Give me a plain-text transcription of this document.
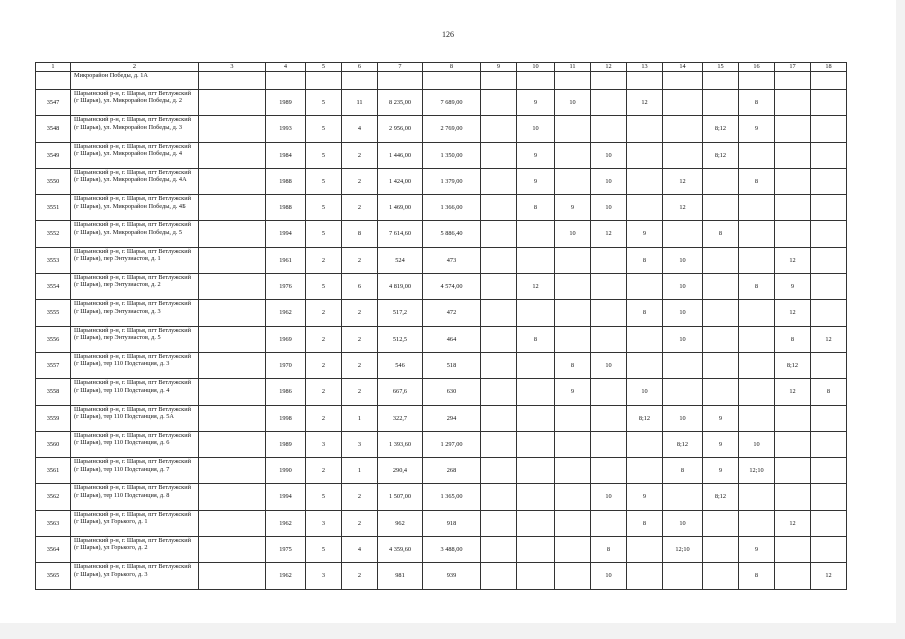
126
1	2	3	4	5	6	7	8	9	10	11	12	13	14	15	16	17	18
	Микрорайон Победы, д. 1А																
3547	Шарьинский р-н, г. Шарья, пгт Ветлужский (г Шарья), ул. Микрорайон Победы, д. 2		1989	5	11	8 235,00	7 689,00		9	10		12			8		
3548	Шарьинский р-н, г. Шарья, пгт Ветлужский (г Шарья), ул. Микрорайон Победы, д. 3		1993	5	4	2 956,00	2 769,00		10					8;12	9		
3549	Шарьинский р-н, г. Шарья, пгт Ветлужский (г Шарья), ул. Микрорайон Победы, д. 4		1984	5	2	1 446,00	1 350,00		9		10			8;12			
3550	Шарьинский р-н, г. Шарья, пгт Ветлужский (г Шарья), ул. Микрорайон Победы, д. 4А		1988	5	2	1 424,00	1 379,00		9		10		12		8		
3551	Шарьинский р-н, г. Шарья, пгт Ветлужский (г Шарья), ул. Микрорайон Победы, д. 4Б		1988	5	2	1 469,00	1 366,00		8	9	10		12				
3552	Шарьинский р-н, г. Шарья, пгт Ветлужский (г Шарья), ул. Микрорайон Победы, д. 5		1994	5	8	7 614,60	5 886,40			10	12	9		8			
3553	Шарьинский р-н, г. Шарья, пгт Ветлужский (г Шарья), пер Энтузиастов, д. 1		1961	2	2	524	473					8	10			12	
3554	Шарьинский р-н, г. Шарья, пгт Ветлужский (г Шарья), пер Энтузиастов, д. 2		1976	5	6	4 819,00	4 574,00		12				10		8	9	
3555	Шарьинский р-н, г. Шарья, пгт Ветлужский (г Шарья), пер Энтузиастов, д. 3		1962	2	2	517,2	472					8	10			12	
3556	Шарьинский р-н, г. Шарья, пгт Ветлужский (г Шарья), пер Энтузиастов, д. 5		1969	2	2	512,5	464		8				10			8	12
3557	Шарьинский р-н, г. Шарья, пгт Ветлужский (г Шарья), тер 110 Подстанция, д. 3		1970	2	2	546	518			8	10					8;12	
3558	Шарьинский р-н, г. Шарья, пгт Ветлужский (г Шарья), тер 110 Подстанция, д. 4		1986	2	2	667,6	630			9		10				12	8
3559	Шарьинский р-н, г. Шарья, пгт Ветлужский (г Шарья), тер 110 Подстанция, д. 5А		1998	2	1	322,7	294					8;12	10	9			
3560	Шарьинский р-н, г. Шарья, пгт Ветлужский (г Шарья), тер 110 Подстанция, д. 6		1989	3	3	1 393,60	1 297,00						8;12	9	10		
3561	Шарьинский р-н, г. Шарья, пгт Ветлужский (г Шарья), тер 110 Подстанция, д. 7		1990	2	1	290,4	268						8	9	12;10		
3562	Шарьинский р-н, г. Шарья, пгт Ветлужский (г Шарья), тер 110 Подстанция, д. 8		1994	5	2	1 507,00	1 365,00				10	9		8;12			
3563	Шарьинский р-н, г. Шарья, пгт Ветлужский (г Шарья), ул Горького, д. 1		1962	3	2	962	918					8	10			12	
3564	Шарьинский р-н, г. Шарья, пгт Ветлужский (г Шарья), ул Горького, д. 2		1975	5	4	4 359,60	3 488,00				8		12;10		9		
3565	Шарьинский р-н, г. Шарья, пгт Ветлужский (г Шарья), ул Горького, д. 3		1962	3	2	981	939				10				8		12
